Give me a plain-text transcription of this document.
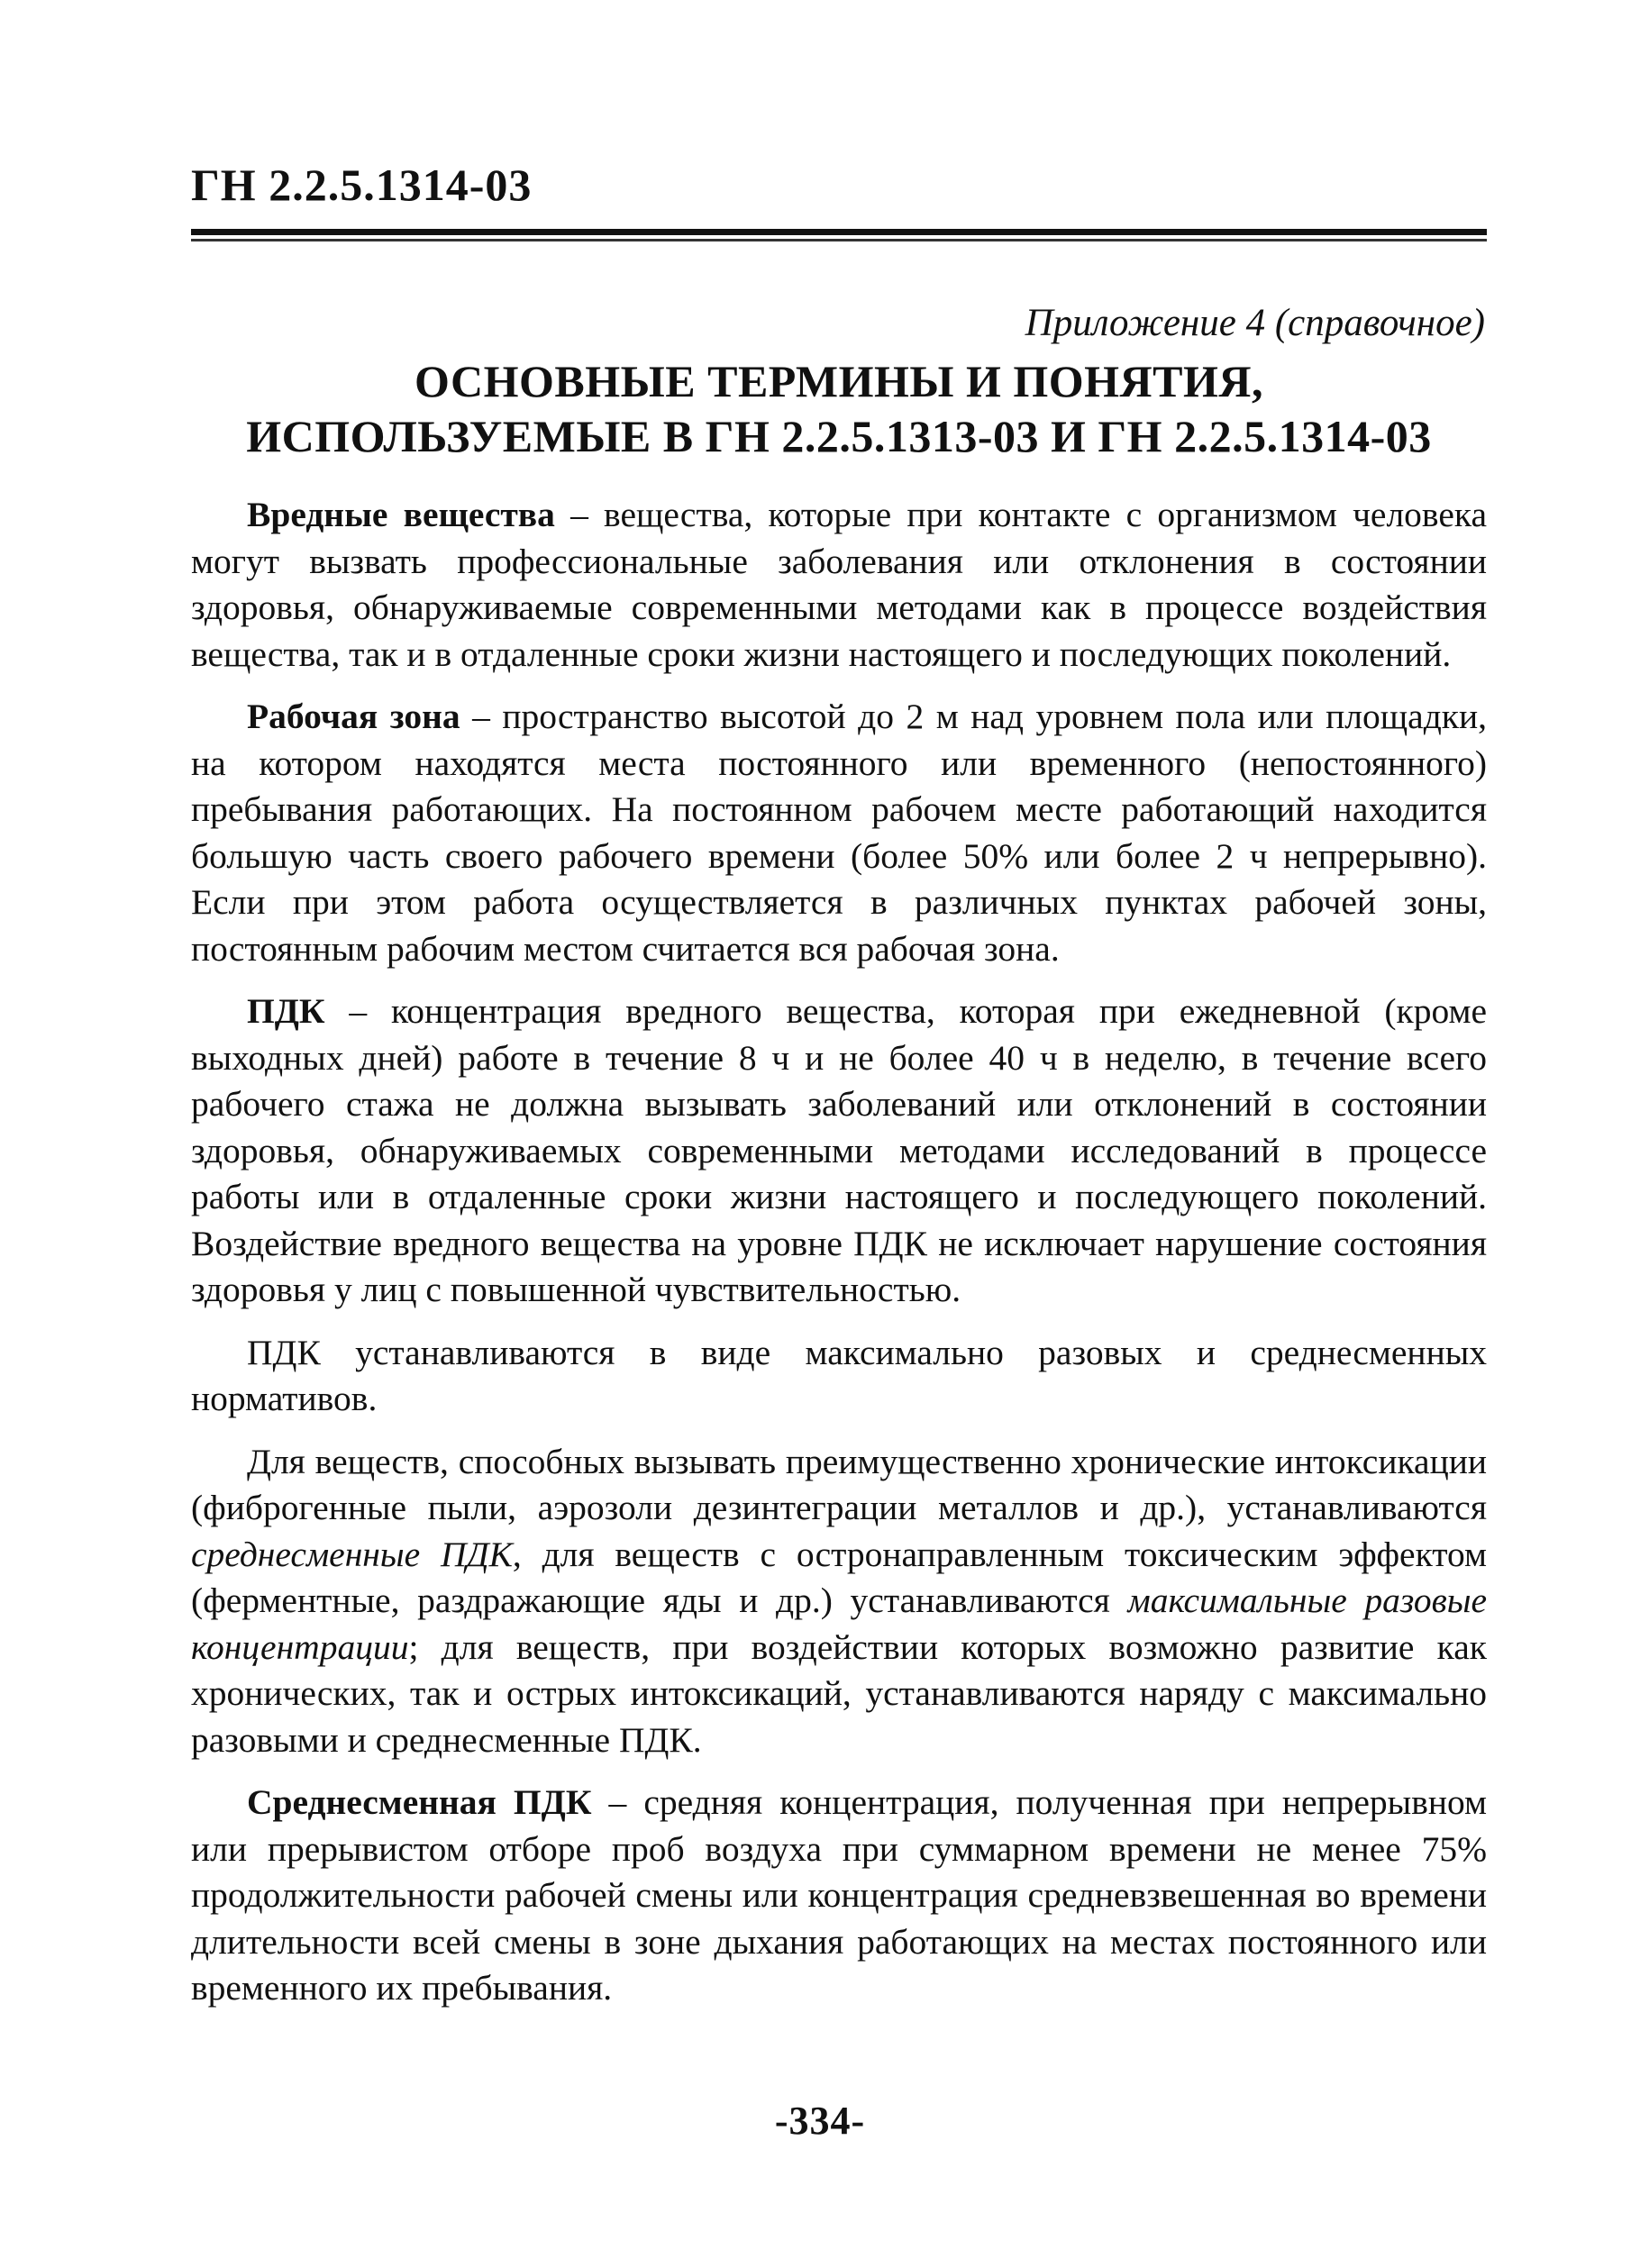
ГН 2.2.5.1314-03
Приложение 4 (справочное)
ОСНОВНЫЕ ТЕРМИНЫ И ПОНЯТИЯ,
ИСПОЛЬЗУЕМЫЕ В ГН 2.2.5.1313-03 И ГН 2.2.5.1314-03

Вредные вещества – вещества, которые при контакте с организмом человека могут вызвать профессиональные заболевания или отклонения в состоянии здоровья, обнаруживаемые современными методами как в процессе воздействия вещества, так и в отдаленные сроки жизни настоящего и последующих поколений.

Рабочая зона – пространство высотой до 2 м над уровнем пола или площадки, на котором находятся места постоянного или временного (непостоянного) пребывания работающих. На постоянном рабочем месте работающий находится большую часть своего рабочего времени (более 50% или более 2 ч непрерывно). Если при этом работа осуществляется в различных пунктах рабочей зоны, постоянным рабочим местом считается вся рабочая зона.

ПДК – концентрация вредного вещества, которая при ежедневной (кроме выходных дней) работе в течение 8 ч и не более 40 ч в неделю, в течение всего рабочего стажа не должна вызывать заболеваний или отклонений в состоянии здоровья, обнаруживаемых современными методами исследований в процессе работы или в отдаленные сроки жизни настоящего и последующего поколений. Воздействие вредного вещества на уровне ПДК не исключает нарушение состояния здоровья у лиц с повышенной чувствительностью.

ПДК устанавливаются в виде максимально разовых и среднесменных нормативов.

Для веществ, способных вызывать преимущественно хронические интоксикации (фиброгенные пыли, аэрозоли дезинтеграции металлов и др.), устанавливаются среднесменные ПДК, для веществ с остронаправленным токсическим эффектом (ферментные, раздражающие яды и др.) устанавливаются максимальные разовые концентрации; для веществ, при воздействии которых возможно развитие как хронических, так и острых интоксикаций, устанавливаются наряду с максимально разовыми и среднесменные ПДК.

Среднесменная ПДК – средняя концентрация, полученная при непрерывном или прерывистом отборе проб воздуха при суммарном времени не менее 75% продолжительности рабочей смены или концентрация средневзвешенная во времени длительности всей смены в зоне дыхания работающих на местах постоянного или временного их пребывания.

-334-
